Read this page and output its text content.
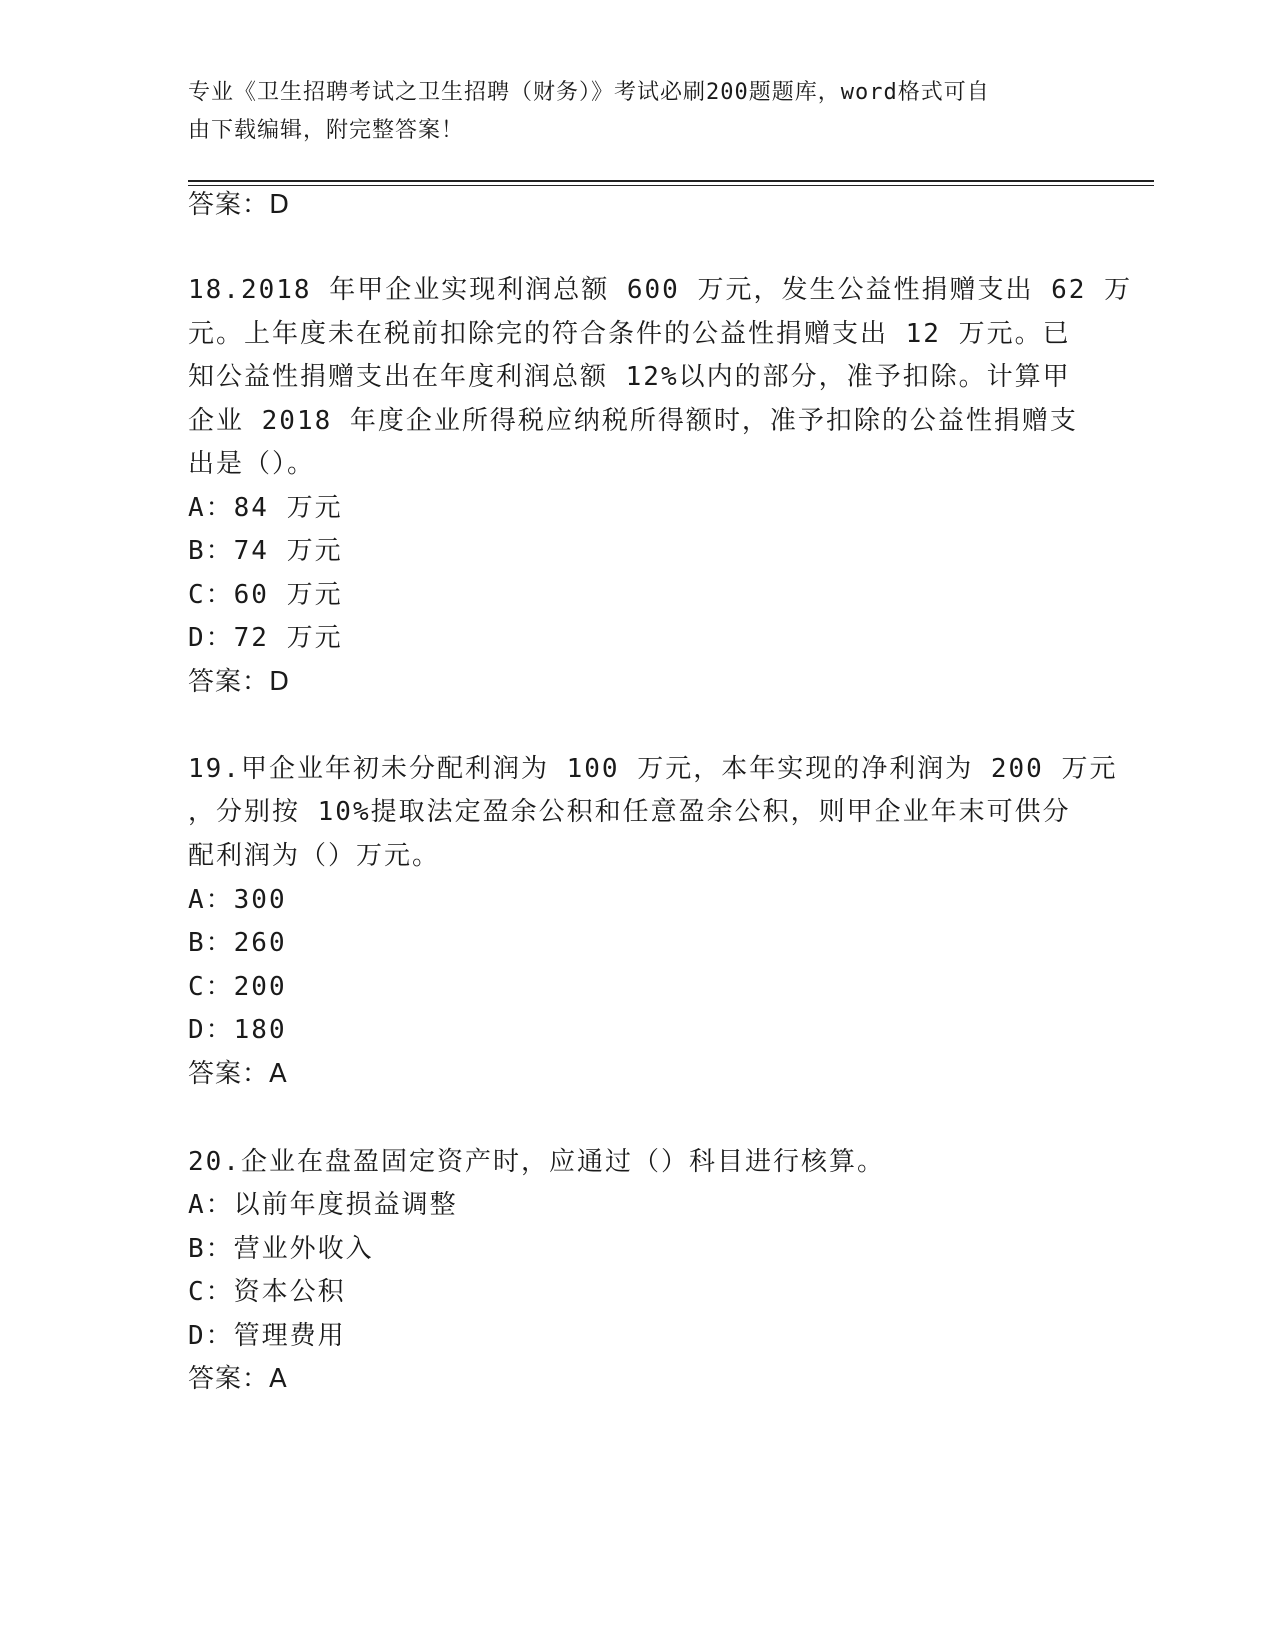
专业《卫生招聘考试之卫生招聘（财务）》考试必刷200题题库，word格式可自
由下载编辑，附完整答案！
答案：D
18.2018 年甲企业实现利润总额 600 万元，发生公益性捐赠支出 62 万
元。上年度未在税前扣除完的符合条件的公益性捐赠支出 12 万元。已
知公益性捐赠支出在年度利润总额 12%以内的部分，准予扣除。计算甲
企业 2018 年度企业所得税应纳税所得额时，准予扣除的公益性捐赠支
出是（）。
A：84 万元
B：74 万元
C：60 万元
D：72 万元
答案：D
19.甲企业年初未分配利润为 100 万元，本年实现的净利润为 200 万元
，分别按 10%提取法定盈余公积和任意盈余公积，则甲企业年末可供分
配利润为（）万元。
A：300
B：260
C：200
D：180
答案：A
20.企业在盘盈固定资产时，应通过（）科目进行核算。
A：以前年度损益调整
B：营业外收入
C：资本公积
D：管理费用
答案：A
